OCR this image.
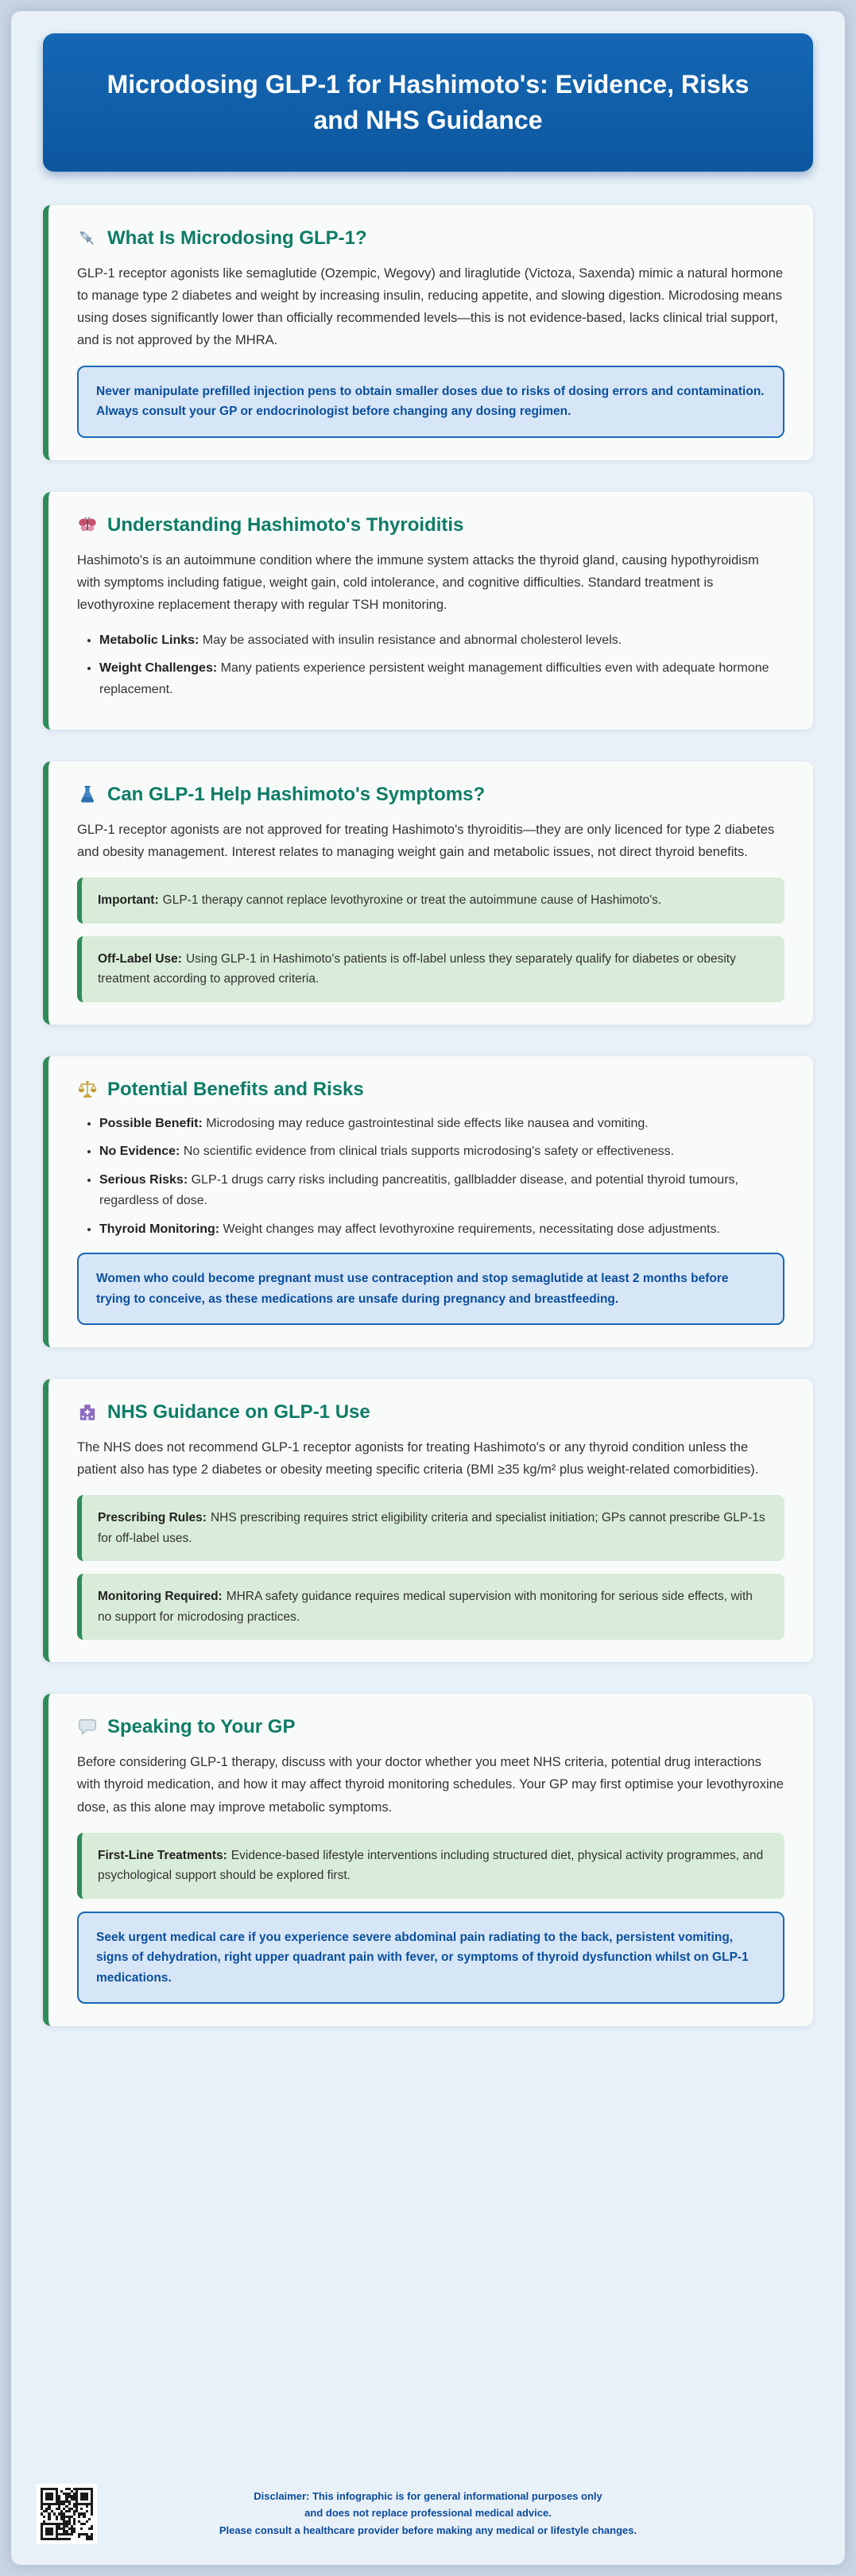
Microdosing GLP-1 for Hashimoto's: Evidence, Risks and NHS Guidance
What Is Microdosing GLP-1?

GLP-1 receptor agonists like semaglutide (Ozempic, Wegovy) and liraglutide (Victoza, Saxenda) mimic a natural hormone to manage type 2 diabetes and weight by increasing insulin, reducing appetite, and slowing digestion. Microdosing means using doses significantly lower than officially recommended levels—this is not evidence-based, lacks clinical trial support, and is not approved by the MHRA.

Never manipulate prefilled injection pens to obtain smaller doses due to risks of dosing errors and contamination. Always consult your GP or endocrinologist before changing any dosing regimen.

Understanding Hashimoto's Thyroiditis

Hashimoto's is an autoimmune condition where the immune system attacks the thyroid gland, causing hypothyroidism with symptoms including fatigue, weight gain, cold intolerance, and cognitive difficulties. Standard treatment is levothyroxine replacement therapy with regular TSH monitoring.

• Metabolic Links: May be associated with insulin resistance and abnormal cholesterol levels.
• Weight Challenges: Many patients experience persistent weight management difficulties even with adequate hormone replacement.
Can GLP-1 Help Hashimoto's Symptoms?

GLP-1 receptor agonists are not approved for treating Hashimoto's thyroiditis—they are only licenced for type 2 diabetes and obesity management. Interest relates to managing weight gain and metabolic issues, not direct thyroid benefits.

Important: GLP-1 therapy cannot replace levothyroxine or treat the autoimmune cause of Hashimoto's.
Off-Label Use: Using GLP-1 in Hashimoto's patients is off-label unless they separately qualify for diabetes or obesity treatment according to approved criteria.
Potential Benefits and Risks
• Possible Benefit: Microdosing may reduce gastrointestinal side effects like nausea and vomiting.
• No Evidence: No scientific evidence from clinical trials supports microdosing's safety or effectiveness.
• Serious Risks: GLP-1 drugs carry risks including pancreatitis, gallbladder disease, and potential thyroid tumours, regardless of dose.
• Thyroid Monitoring: Weight changes may affect levothyroxine requirements, necessitating dose adjustments.

Women who could become pregnant must use contraception and stop semaglutide at least 2 months before trying to conceive, as these medications are unsafe during pregnancy and breastfeeding.

NHS Guidance on GLP-1 Use

The NHS does not recommend GLP-1 receptor agonists for treating Hashimoto's or any thyroid condition unless the patient also has type 2 diabetes or obesity meeting specific criteria (BMI ≥35 kg/m² plus weight-related comorbidities).

Prescribing Rules: NHS prescribing requires strict eligibility criteria and specialist initiation; GPs cannot prescribe GLP-1s for off-label uses.
Monitoring Required: MHRA safety guidance requires medical supervision with monitoring for serious side effects, with no support for microdosing practices.
Speaking to Your GP

Before considering GLP-1 therapy, discuss with your doctor whether you meet NHS criteria, potential drug interactions with thyroid medication, and how it may affect thyroid monitoring schedules. Your GP may first optimise your levothyroxine dose, as this alone may improve metabolic symptoms.

First-Line Treatments: Evidence-based lifestyle interventions including structured diet, physical activity programmes, and psychological support should be explored first.

Seek urgent medical care if you experience severe abdominal pain radiating to the back, persistent vomiting, signs of dehydration, right upper quadrant pain with fever, or symptoms of thyroid dysfunction whilst on GLP-1 medications.

Disclaimer: This infographic is for general informational purposes only and does not replace professional medical advice.

Please consult a healthcare provider before making any medical or lifestyle changes.
